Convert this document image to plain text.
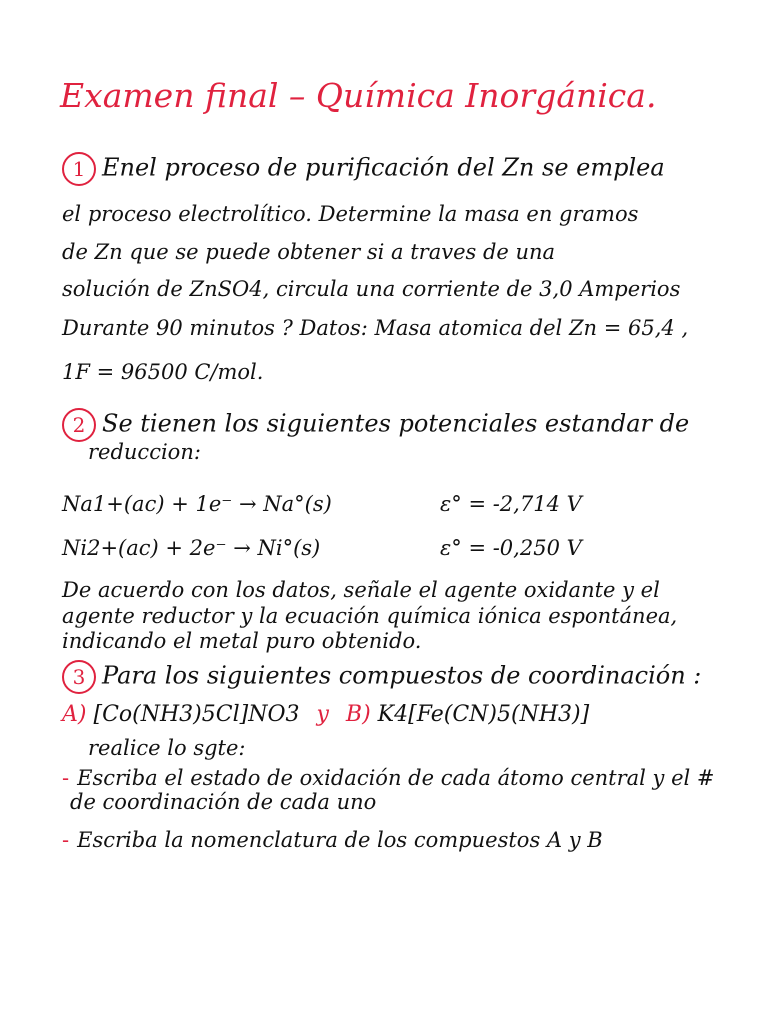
Examen final – Química Inorgánica.
1 Enel proceso de purificación del Zn se emplea
el proceso electrolítico. Determine la masa en gramos
de Zn que se puede obtener si a traves de una
solución de ZnSO4, circula una corriente de 3,0 Amperios
Durante 90 minutos ? Datos: Masa atomica del Zn = 65,4 ,
1F = 96500 C/mol.
2 Se tienen los siguientes potenciales estandar de
reduccion:
Na1+(ac) + 1e⁻ → Na°(s)	ε° = -2,714 V
Ni2+(ac) + 2e⁻ → Ni°(s)	ε° = -0,250 V
De acuerdo con los datos, señale el agente oxidante y el
agente reductor y la ecuación química iónica espontánea,
indicando el metal puro obtenido.
3 Para los siguientes compuestos de coordinación :
A) [Co(NH3)5Cl]NO3 y B) K4[Fe(CN)5(NH3)]
realice lo sgte:
- Escriba el estado de oxidación de cada átomo central y el #
de coordinación de cada uno
- Escriba la nomenclatura de los compuestos A y B
